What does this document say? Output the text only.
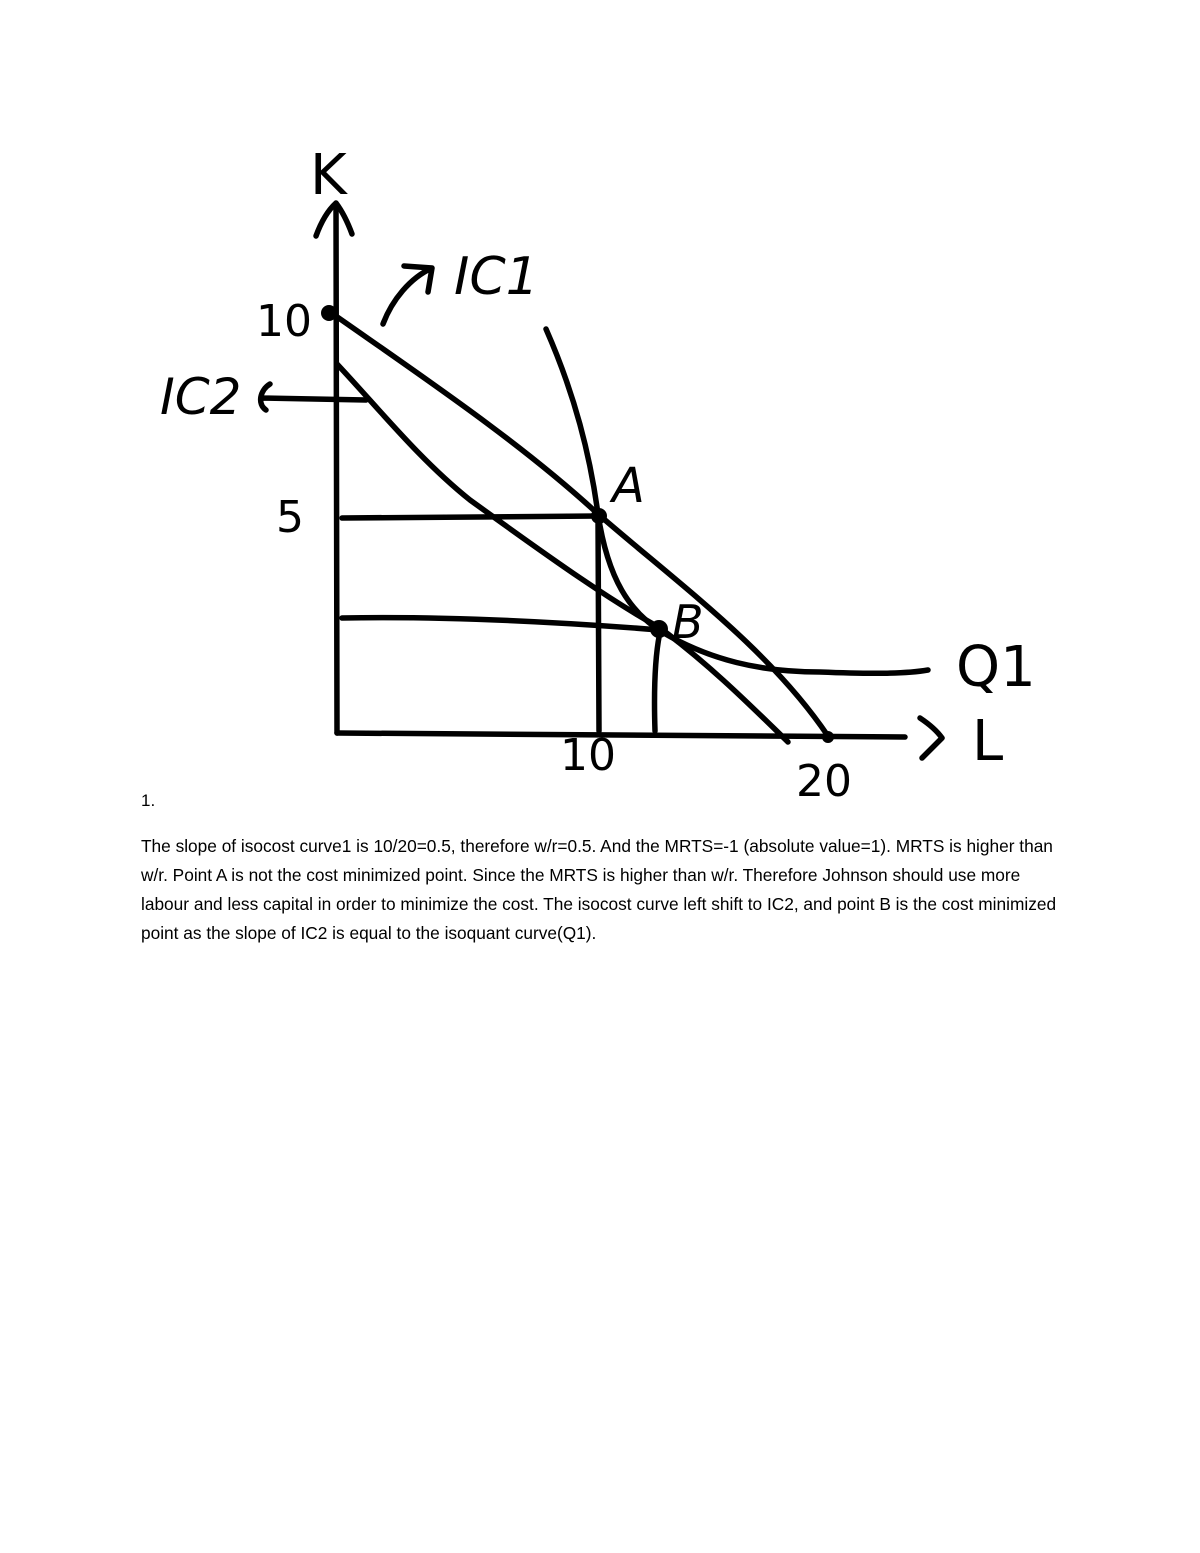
IC1
IC2
K
L
10
5
10
20
A
B
Q1
1.

The slope of isocost curve1 is 10/20=0.5, therefore w/r=0.5. And the MRTS=-1 (absolute value=1). MRTS is higher than w/r. Point A is not the cost minimized point. Since the MRTS is higher than w/r. Therefore Johnson should use more labour and less capital in order to minimize the cost. The isocost curve left shift to IC2, and point B is the cost minimized point as the slope of IC2 is equal to the isoquant curve(Q1).
